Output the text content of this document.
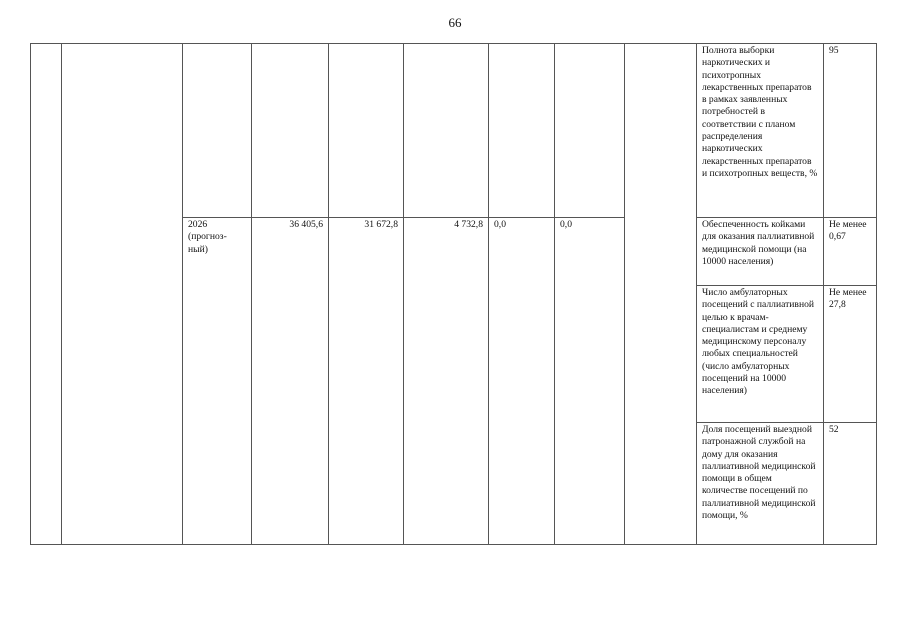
66
									Полнота выборки наркотических и психотропных лекарственных препаратов в рамках заявленных потребностей в соответствии с планом распределения наркотических лекарственных препаратов и психотропных веществ, %	95
		2026 (прогноз-ный)	36 405,6	31 672,8	4 732,8	0,0	0,0		Обеспеченность койками для оказания паллиативной медицинской помощи (на 10000 населения)	Не менее 0,67
									Число амбулаторных посещений с паллиативной целью к врачам-специалистам и среднему медицинскому персоналу любых специальностей (число амбулаторных посещений на 10000 населения)	Не менее 27,8
									Доля посещений выездной патронажной службой на дому для оказания паллиативной медицинской помощи в общем количестве посещений по паллиативной медицинской помощи, %	52
